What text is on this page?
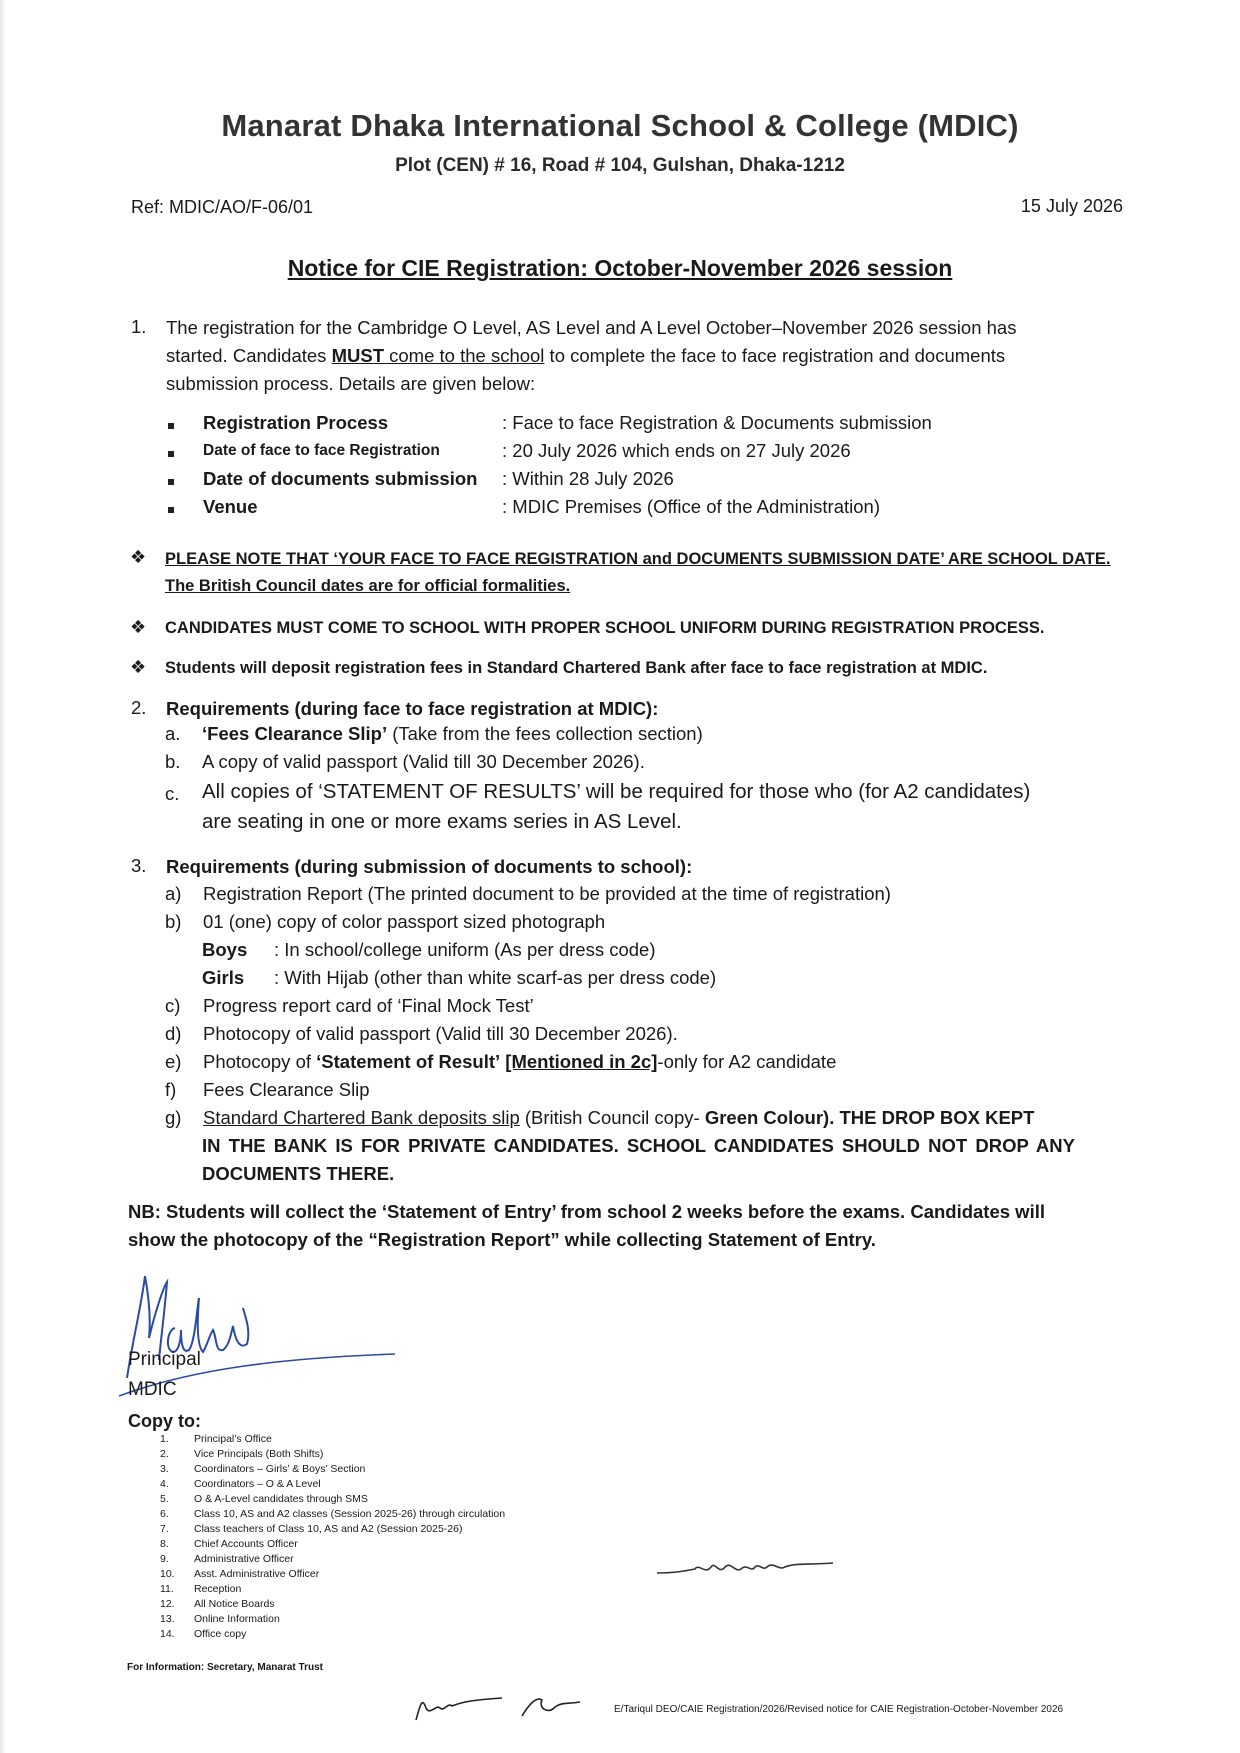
Manarat Dhaka International School & College (MDIC)
Plot (CEN) # 16, Road # 104, Gulshan, Dhaka-1212
Ref: MDIC/AO/F-06/01	15 July 2026
Notice for CIE Registration: October-November 2026 session
1. The registration for the Cambridge O Level, AS Level and A Level October–November 2026 session has
started. Candidates MUST come to the school to complete the face to face registration and documents
submission process. Details are given below:
Registration Process	: Face to face Registration & Documents submission
Date of face to face Registration	: 20 July 2026 which ends on 27 July 2026
Date of documents submission : Within 28 July 2026
Venue	: MDIC Premises (Office of the Administration)
❖ PLEASE NOTE THAT ‘YOUR FACE TO FACE REGISTRATION and DOCUMENTS SUBMISSION DATE’ ARE SCHOOL DATE.
The British Council dates are for official formalities.
❖ CANDIDATES MUST COME TO SCHOOL WITH PROPER SCHOOL UNIFORM DURING REGISTRATION PROCESS.
❖ Students will deposit registration fees in Standard Chartered Bank after face to face registration at MDIC.
2. Requirements (during face to face registration at MDIC):
a. ‘Fees Clearance Slip’ (Take from the fees collection section)
b. A copy of valid passport (Valid till 30 December 2026).
c. All copies of ‘STATEMENT OF RESULTS’ will be required for those who (for A2 candidates)
are seating in one or more exams series in AS Level.
3. Requirements (during submission of documents to school):
a) Registration Report (The printed document to be provided at the time of registration)
b) 01 (one) copy of color passport sized photograph
Boys : In school/college uniform (As per dress code)
Girls : With Hijab (other than white scarf-as per dress code)
c) Progress report card of ‘Final Mock Test’
d) Photocopy of valid passport (Valid till 30 December 2026).
e) Photocopy of ‘Statement of Result’ [Mentioned in 2c]-only for A2 candidate
f) Fees Clearance Slip
g) Standard Chartered Bank deposits slip (British Council copy- Green Colour). THE DROP BOX KEPT
IN THE BANK IS FOR PRIVATE CANDIDATES. SCHOOL CANDIDATES SHOULD NOT DROP ANY
DOCUMENTS THERE.
NB: Students will collect the ‘Statement of Entry’ from school 2 weeks before the exams. Candidates will
show the photocopy of the “Registration Report” while collecting Statement of Entry.
Principal
MDIC
Copy to:
1. Principal’s Office
2. Vice Principals (Both Shifts)
3. Coordinators – Girls’ & Boys’ Section
4. Coordinators – O & A Level
5. O & A-Level candidates through SMS
6. Class 10, AS and A2 classes (Session 2025-26) through circulation
7. Class teachers of Class 10, AS and A2 (Session 2025-26)
8. Chief Accounts Officer
9. Administrative Officer
10. Asst. Administrative Officer
11. Reception
12. All Notice Boards
13. Online Information
14. Office copy
For Information: Secretary, Manarat Trust
E/Tariqul DEO/CAIE Registration/2026/Revised notice for CAIE Registration-October-November 2026
